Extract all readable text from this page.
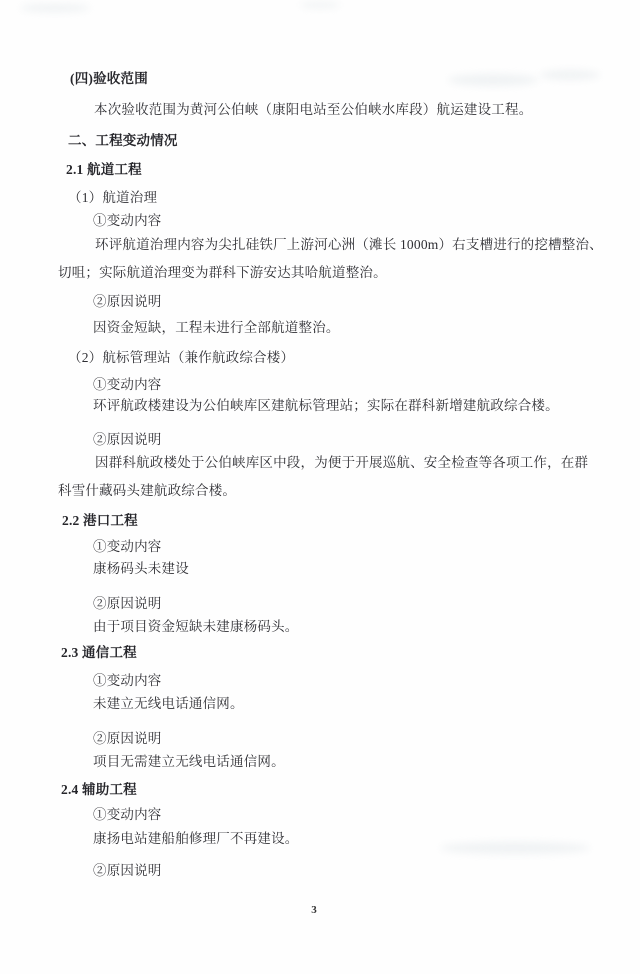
(四)验收范围
本次验收范围为黄河公伯峡（康阳电站至公伯峡水库段）航运建设工程。
二、工程变动情况
2.1 航道工程
（1）航道治理
①变动内容
环评航道治理内容为尖扎硅铁厂上游河心洲（滩长 1000m）右支槽进行的挖槽整治、
切咀；实际航道治理变为群科下游安达其哈航道整治。
②原因说明
因资金短缺，工程未进行全部航道整治。
（2）航标管理站（兼作航政综合楼）
①变动内容
环评航政楼建设为公伯峡库区建航标管理站；实际在群科新增建航政综合楼。
②原因说明
因群科航政楼处于公伯峡库区中段，为便于开展巡航、安全检查等各项工作，在群
科雪什藏码头建航政综合楼。
2.2 港口工程
①变动内容
康杨码头未建设
②原因说明
由于项目资金短缺未建康杨码头。
2.3 通信工程
①变动内容
未建立无线电话通信网。
②原因说明
项目无需建立无线电话通信网。
2.4 辅助工程
①变动内容
康扬电站建船舶修理厂不再建设。
②原因说明
3
